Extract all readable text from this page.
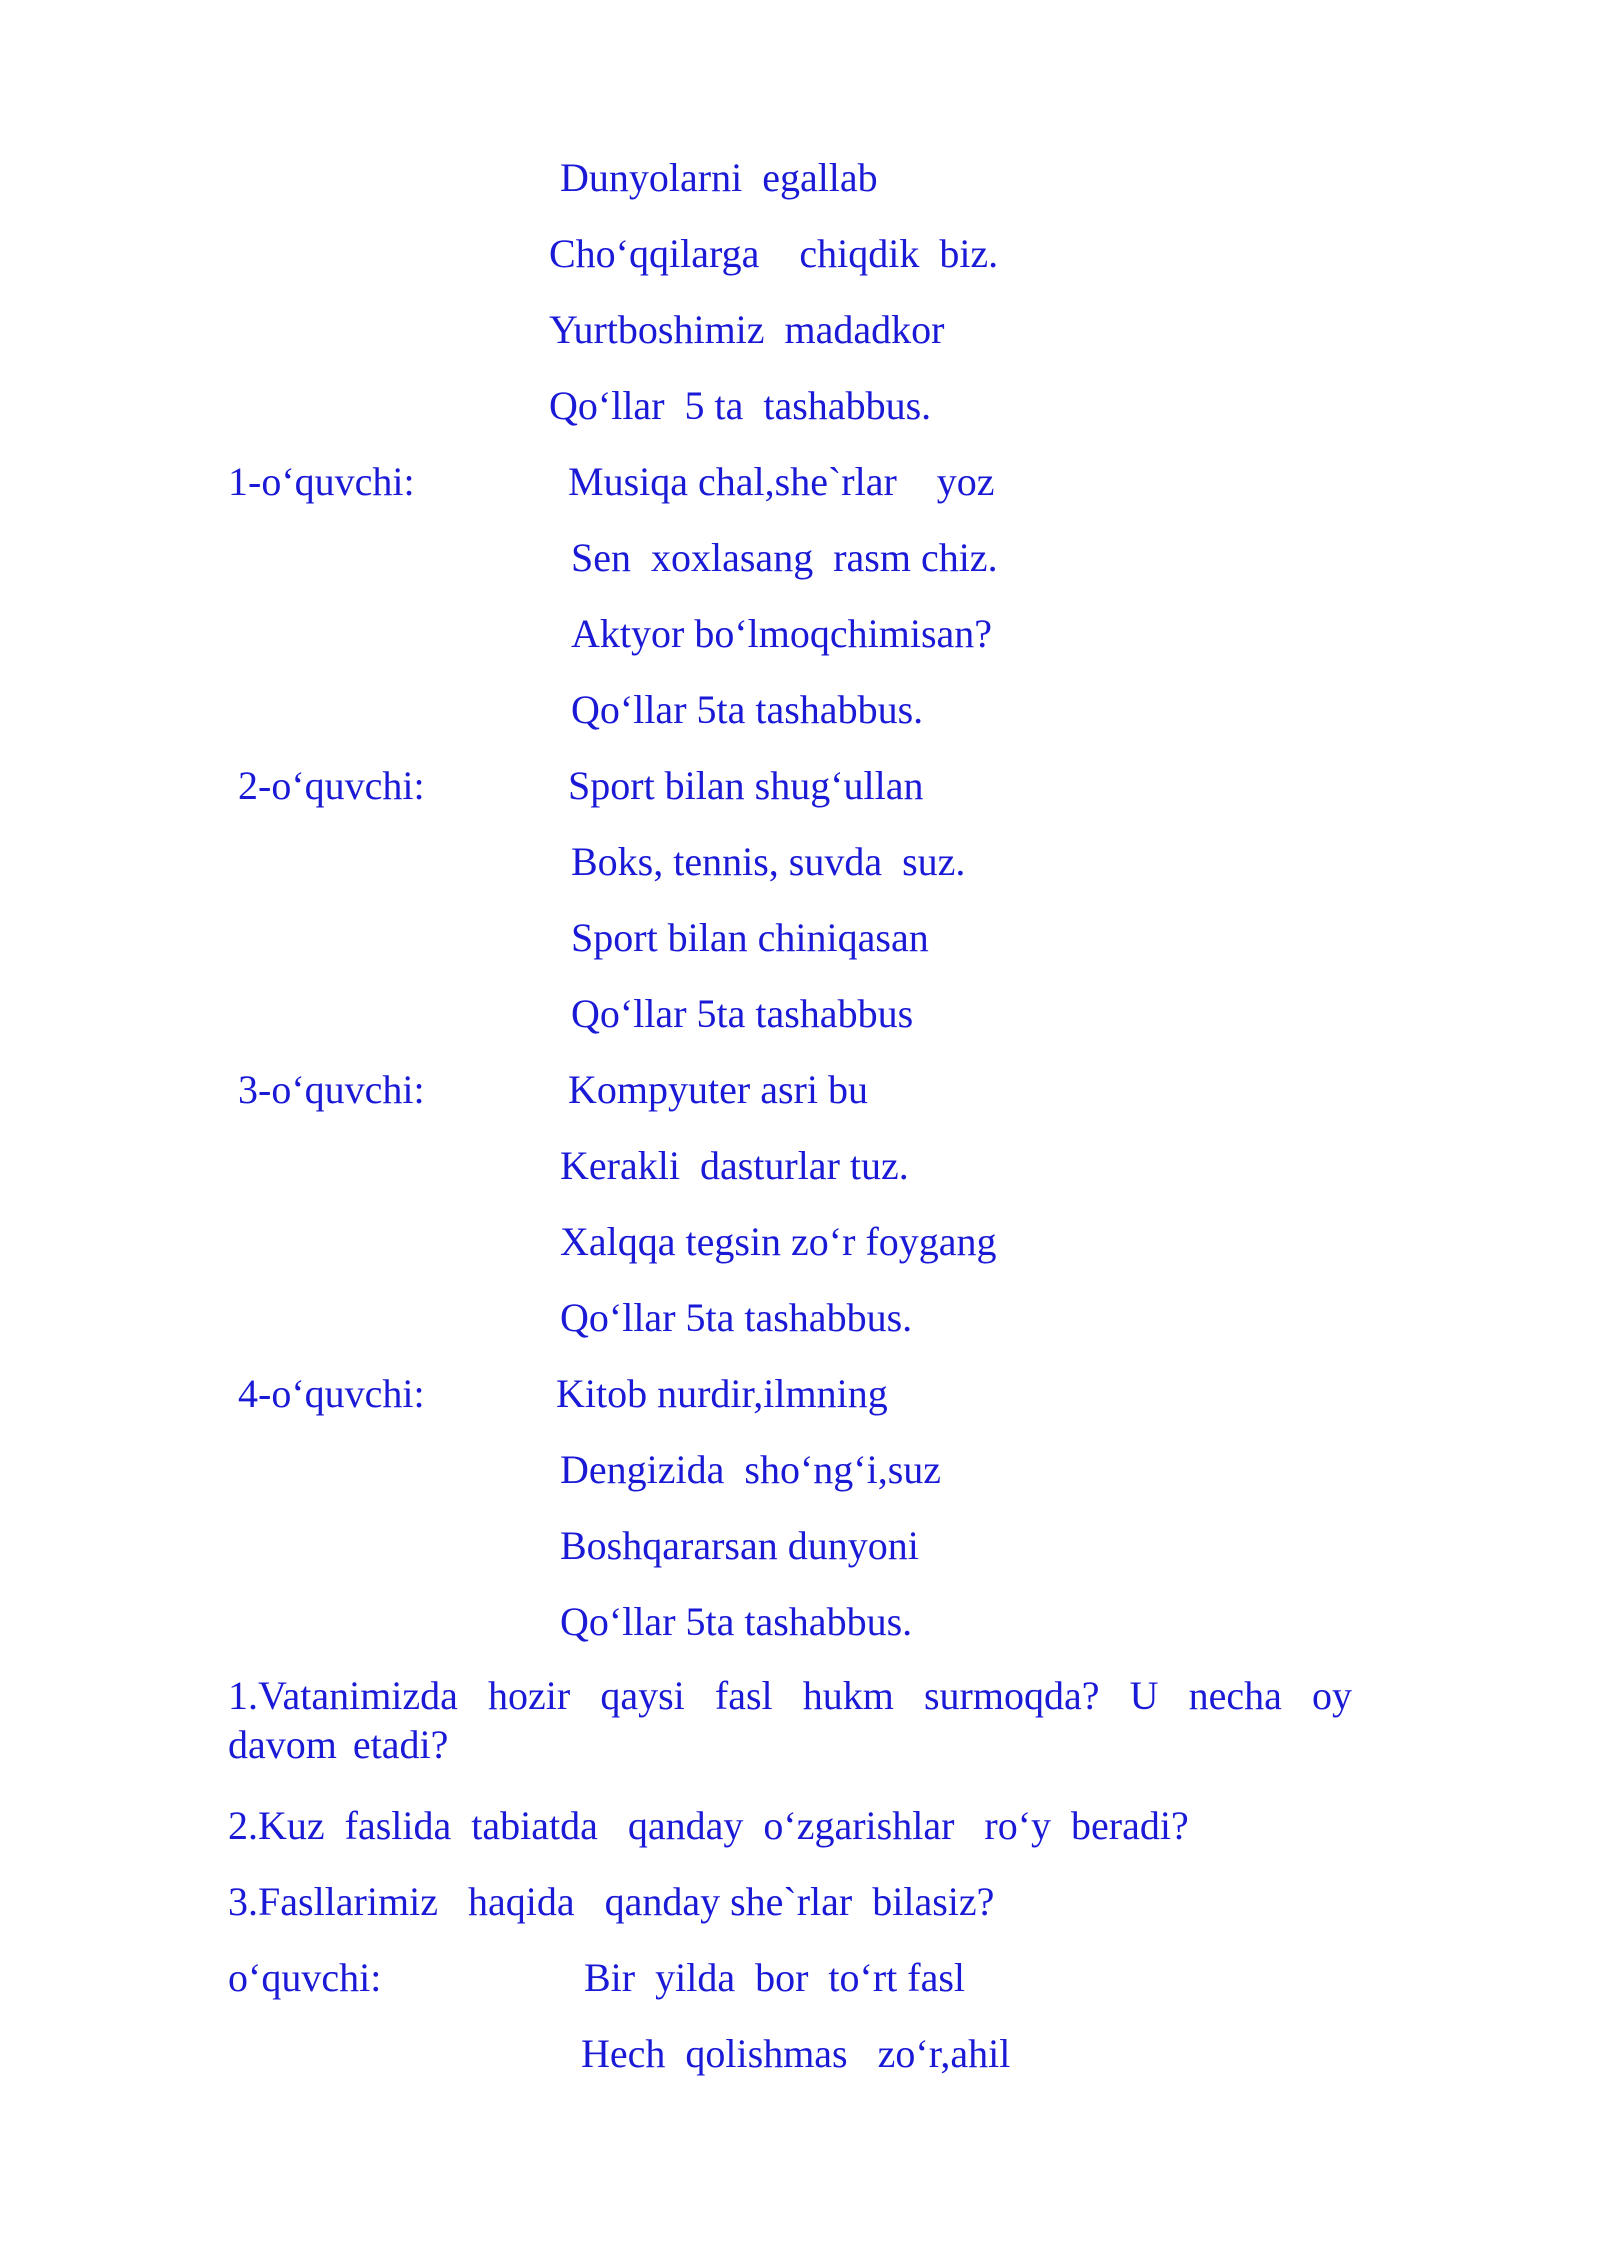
Dunyolarni  egallab
Cho‘qqilarga    chiqdik  biz.
Yurtboshimiz  madadkor
Qo‘llar  5 ta  tashabbus.
1-o‘quvchi:	Musiqa chal,she`rlar    yoz
Sen  xoxlasang  rasm chiz.
Aktyor bo‘lmoqchimisan?
Qo‘llar 5ta tashabbus.
2-o‘quvchi:	Sport bilan shug‘ullan
Boks, tennis, suvda  suz.
Sport bilan chiniqasan
Qo‘llar 5ta tashabbus
3-o‘quvchi:	Kompyuter asri bu
Kerakli  dasturlar tuz.
Xalqqa tegsin zo‘r foygang
Qo‘llar 5ta tashabbus.
4-o‘quvchi:	Kitob nurdir,ilmning
Dengizida  sho‘ng‘i,suz
Boshqararsan dunyoni
Qo‘llar 5ta tashabbus.
1.Vatanimizda hozir qaysi fasl hukm surmoqda? U necha oy davom etadi?
2.Kuz  faslida  tabiatda   qanday  o‘zgarishlar   ro‘y  beradi?
3.Fasllarimiz   haqida   qanday she`rlar  bilasiz?
o‘quvchi:	Bir  yilda  bor  to‘rt fasl
Hech  qolishmas   zo‘r,ahil
